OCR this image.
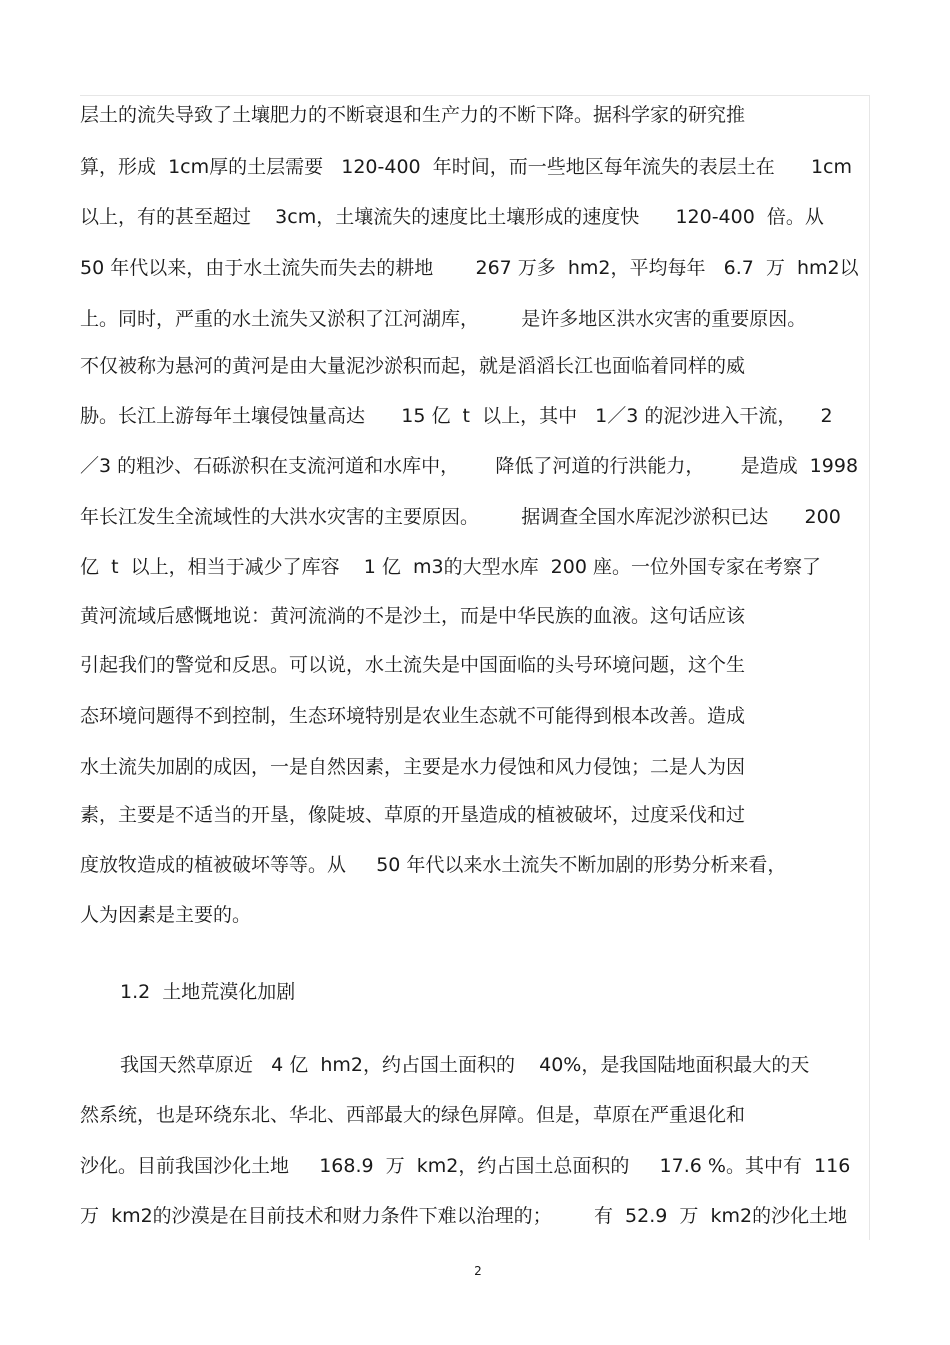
层土的流失导致了土壤肥力的不断衰退和生产力的不断下降。据科学家的研究推
算，形成  1cm厚的土层需要   120-400  年时间，而一些地区每年流失的表层土在      1cm
以上，有的甚至超过    3cm，土壤流失的速度比土壤形成的速度快      120-400  倍。从
50 年代以来，由于水土流失而失去的耕地       267 万多  hm2，平均每年   6.7  万  hm2以
上。同时，严重的水土流失又淤积了江河湖库，       是许多地区洪水灾害的重要原因。
不仅被称为悬河的黄河是由大量泥沙淤积而起，就是滔滔长江也面临着同样的威
胁。长江上游每年土壤侵蚀量高达      15 亿  t  以上，其中   1／3 的泥沙进入干流，    2
／3 的粗沙、石砾淤积在支流河道和水库中，      降低了河道的行洪能力，      是造成  1998
年长江发生全流域性的大洪水灾害的主要原因。       据调查全国水库泥沙淤积已达      200
亿  t  以上，相当于减少了库容    1 亿  m3的大型水库  200 座。一位外国专家在考察了
黄河流域后感慨地说：黄河流淌的不是沙土，而是中华民族的血液。这句话应该
引起我们的警觉和反思。可以说，水土流失是中国面临的头号环境问题，这个生
态环境问题得不到控制，生态环境特别是农业生态就不可能得到根本改善。造成
水土流失加剧的成因，一是自然因素，主要是水力侵蚀和风力侵蚀；二是人为因
素，主要是不适当的开垦，像陡坡、草原的开垦造成的植被破坏，过度采伐和过
度放牧造成的植被破坏等等。从     50 年代以来水土流失不断加剧的形势分析来看，
人为因素是主要的。
1.2  土地荒漠化加剧
我国天然草原近   4 亿  hm2，约占国土面积的    40%，是我国陆地面积最大的天
然系统，也是环绕东北、华北、西部最大的绿色屏障。但是，草原在严重退化和
沙化。目前我国沙化土地     168.9  万  km2，约占国土总面积的     17.6 %。其中有  116
万  km2的沙漠是在目前技术和财力条件下难以治理的；       有  52.9  万  km2的沙化土地
2
